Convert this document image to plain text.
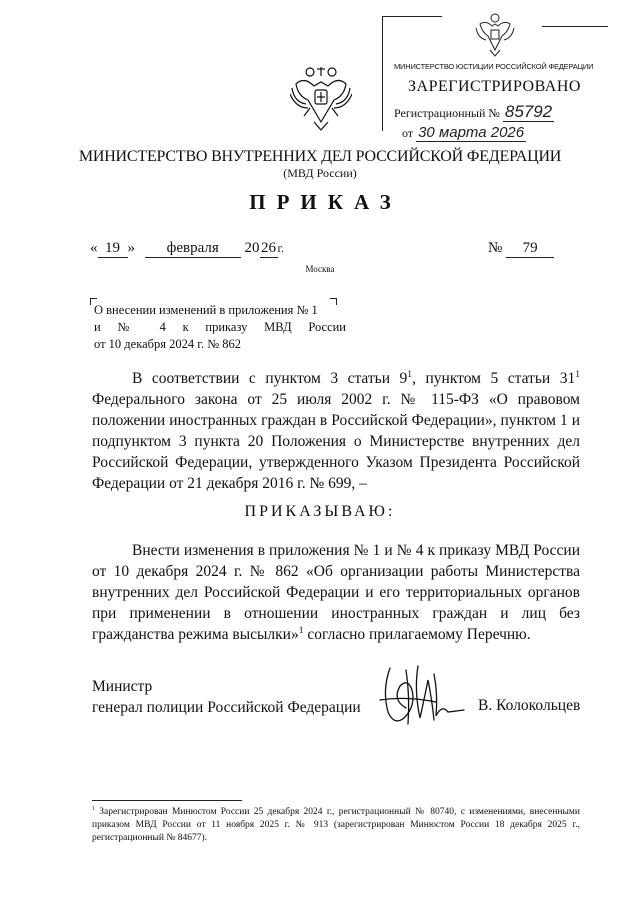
МИНИСТЕРСТВО ЮСТИЦИИ РОССИЙСКОЙ ФЕДЕРАЦИИ
ЗАРЕГИСТРИРОВАНО
Регистрационный № 85792
от 30 марта 2026
МИНИСТЕРСТВО ВНУТРЕННИХ ДЕЛ РОССИЙСКОЙ ФЕДЕРАЦИИ
(МВД России)
ПРИКАЗ
« 19 » февраля 20 26 г.	№ 79
Москва
О внесении изменений в приложения № 1
и № 4 к приказу МВД России
от 10 декабря 2024 г. № 862
В соответствии с пунктом 3 статьи $9^1$, пунктом 5 статьи $31^1$ Федерального закона от 25 июля 2002 г. № 115-ФЗ «О правовом положении иностранных граждан в Российской Федерации», пунктом 1 и подпунктом 3 пункта 20 Положения о Министерстве внутренних дел Российской Федерации, утвержденного Указом Президента Российской Федерации от 21 декабря 2016 г. № 699, –
ПРИКАЗЫВАЮ:
Внести изменения в приложения № 1 и № 4 к приказу МВД России от 10 декабря 2024 г. № 862 «Об организации работы Министерства внутренних дел Российской Федерации и его территориальных органов при применении в отношении иностранных граждан и лиц без гражданства режима высылки»$^1$ согласно прилагаемому Перечню.
Министр
генерал полиции Российской Федерации	В. Колокольцев
$^1$ Зарегистрирован Минюстом России 25 декабря 2024 г., регистрационный № 80740, с изменениями, внесенными приказом МВД России от 11 ноября 2025 г. № 913 (зарегистрирован Минюстом России 18 декабря 2025 г., регистрационный № 84677).
